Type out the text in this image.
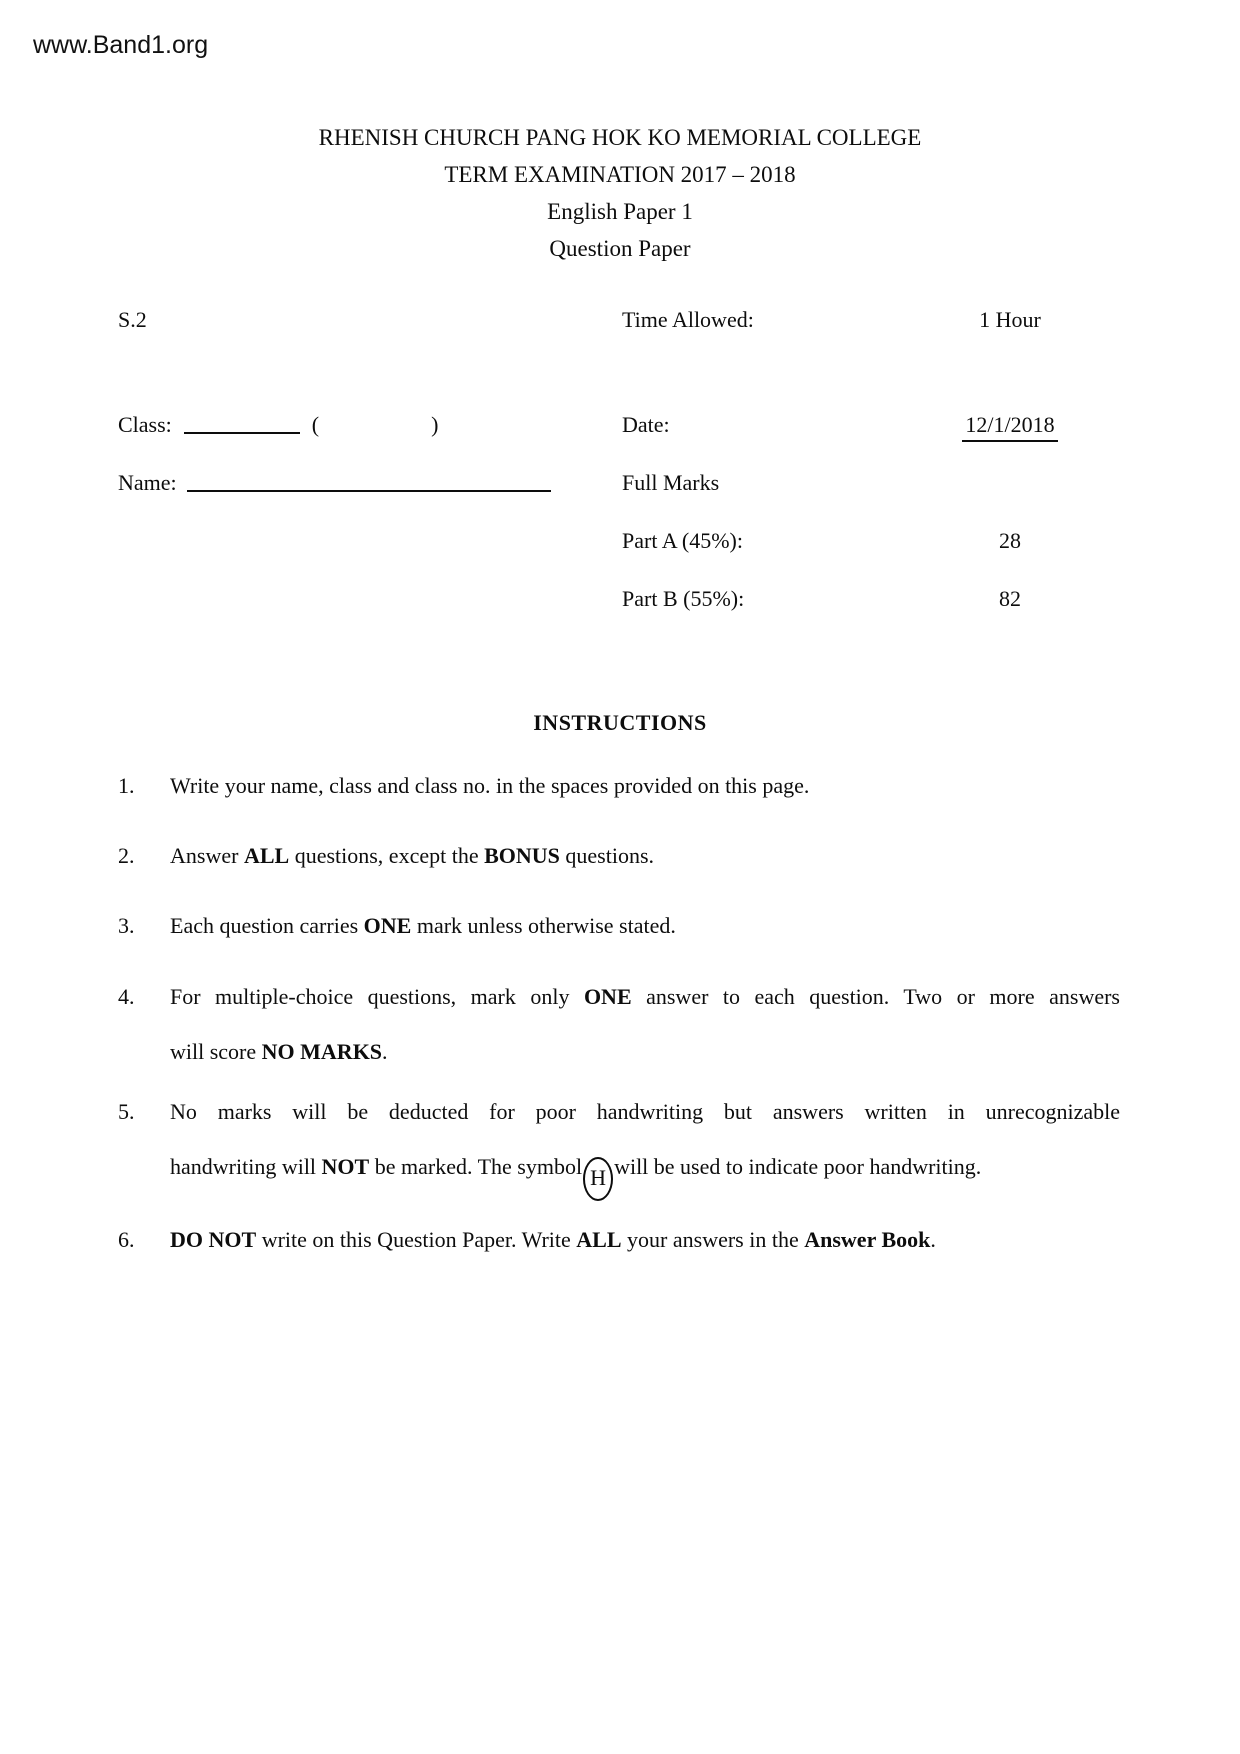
www.Band1.org
RHENISH CHURCH PANG HOK KO MEMORIAL COLLEGE
TERM EXAMINATION 2017 – 2018
English Paper 1
Question Paper
S.2	Time Allowed:	1 Hour
Class:	(	)	Date:	12/1/2018
Name:	Full Marks
Part A (45%):	28
Part B (55%):	82
INSTRUCTIONS
1. Write your name, class and class no. in the spaces provided on this page.
2. Answer ALL questions, except the BONUS questions.
3. Each question carries ONE mark unless otherwise stated.
4. For multiple-choice questions, mark only ONE answer to each question. Two or more answers
will score NO MARKS.
5. No marks will be deducted for poor handwriting but answers written in unrecognizable
handwriting will NOT be marked. The symbol H will be used to indicate poor handwriting.
6. DO NOT write on this Question Paper. Write ALL your answers in the Answer Book.
